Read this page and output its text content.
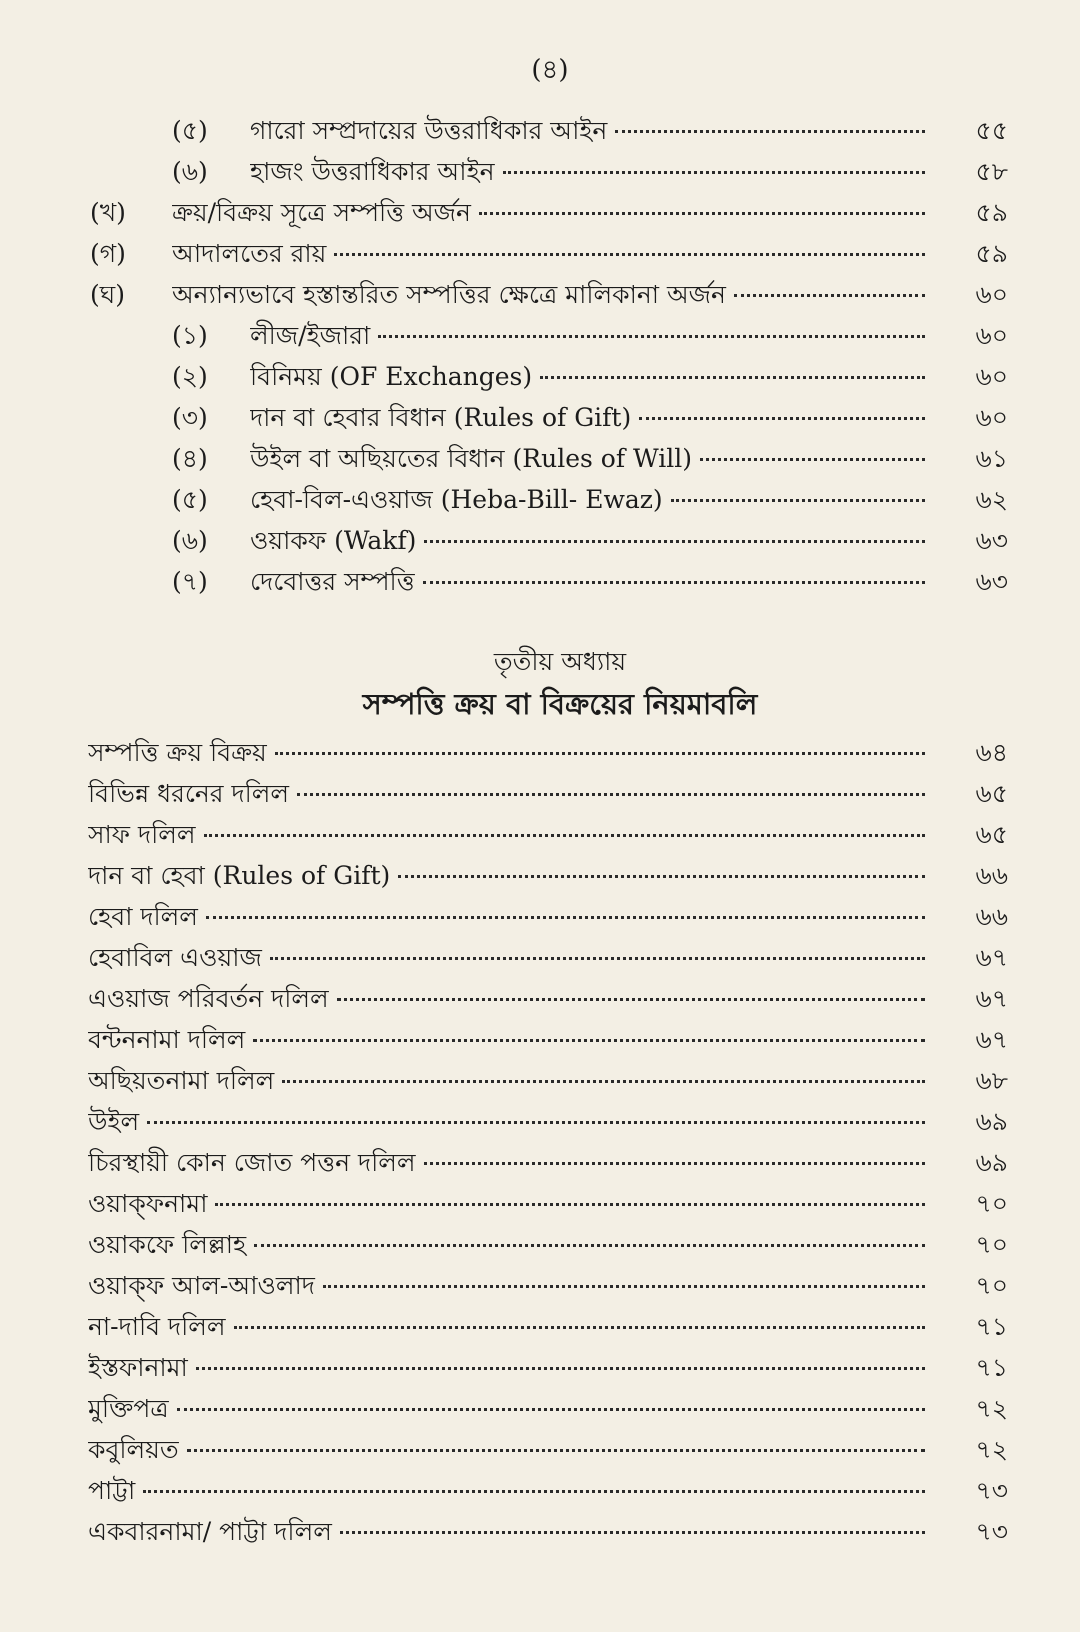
(৪)
(৫) গারো সম্প্রদায়ের উত্তরাধিকার আইন	৫৫
(৬) হাজং উত্তরাধিকার আইন	৫৮
(খ) ক্রয়/বিক্রয় সূত্রে সম্পত্তি অর্জন	৫৯
(গ) আদালতের রায়	৫৯
(ঘ) অন্যান্যভাবে হস্তান্তরিত সম্পত্তির ক্ষেত্রে মালিকানা অর্জন	৬০
(১) লীজ/ইজারা	৬০
(২) বিনিময় (OF Exchanges)	৬০
(৩) দান বা হেবার বিধান (Rules of Gift)	৬০
(৪) উইল বা অছিয়তের বিধান (Rules of Will)	৬১
(৫) হেবা-বিল-এওয়াজ (Heba-Bill- Ewaz)	৬২
(৬) ওয়াকফ (Wakf)	৬৩
(৭) দেবোত্তর সম্পত্তি	৬৩
তৃতীয় অধ্যায়
সম্পত্তি ক্রয় বা বিক্রয়ের নিয়মাবলি
সম্পত্তি ক্রয় বিক্রয়	৬৪
বিভিন্ন ধরনের দলিল	৬৫
সাফ দলিল	৬৫
দান বা হেবা (Rules of Gift)	৬৬
হেবা দলিল	৬৬
হেবাবিল এওয়াজ	৬৭
এওয়াজ পরিবর্তন দলিল	৬৭
বন্টননামা দলিল	৬৭
অছিয়তনামা দলিল	৬৮
উইল	৬৯
চিরস্থায়ী কোন জোত পত্তন দলিল	৬৯
ওয়াক্‌ফনামা	৭০
ওয়াকফে লিল্লাহ	৭০
ওয়াক্‌ফ আল-আওলাদ	৭০
না-দাবি দলিল	৭১
ইস্তফানামা	৭১
মুক্তিপত্র	৭২
কবুলিয়ত	৭২
পাট্টা	৭৩
একবারনামা/ পাট্টা দলিল	৭৩
